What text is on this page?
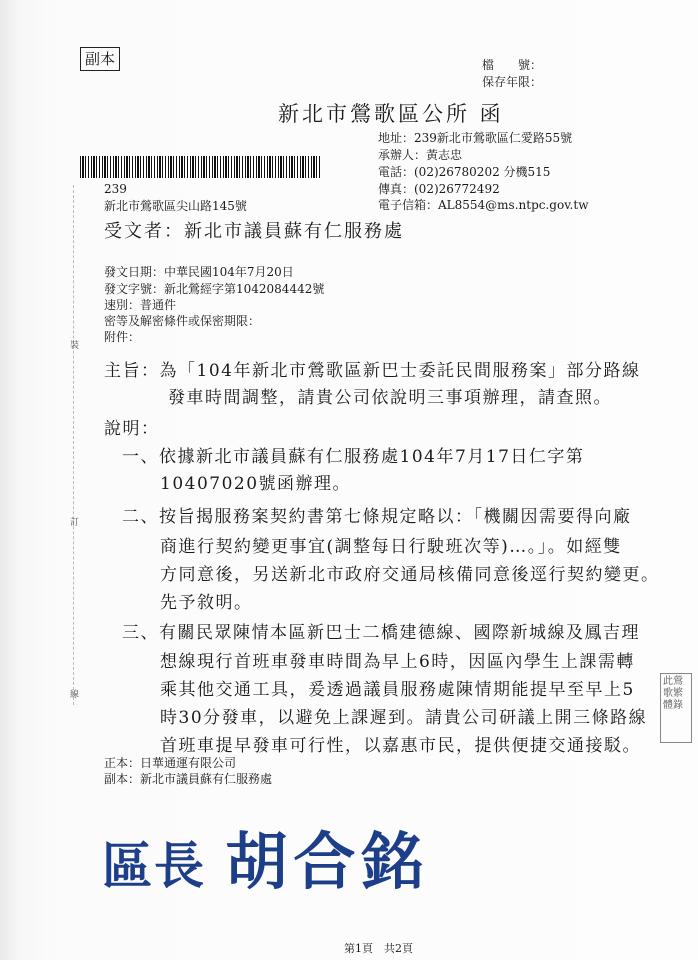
副本	檔　　號：
保存年限：
新北市鶯歌區公所 函
地址：239新北市鶯歌區仁愛路55號
承辦人：黃志忠
電話：(02)26780202 分機515
傳真：(02)26772492
電子信箱：AL8554@ms.ntpc.gov.tw
239
新北市鶯歌區尖山路145號
受文者：新北市議員蘇有仁服務處
發文日期：中華民國104年7月20日
發文字號：新北鶯經字第1042084442號
速別：普通件
密等及解密條件或保密期限：
附件：
裝
訂
線
主旨：為「104年新北市鶯歌區新巴士委託民間服務案」部分路線
發車時間調整，請貴公司依說明三事項辦理，請查照。
說明：
一、依據新北市議員蘇有仁服務處104年7月17日仁字第
10407020號函辦理。
二、按旨揭服務案契約書第七條規定略以：「機關因需要得向廠
商進行契約變更事宜(調整每日行駛班次等)…。」。如經雙
方同意後，另送新北市政府交通局核備同意後逕行契約變更。
先予敘明。
三、有關民眾陳情本區新巴士二橋建德線、國際新城線及鳳吉理
想線現行首班車發車時間為早上6時，因區內學生上課需轉
乘其他交通工具，爰透過議員服務處陳情期能提早至早上5
時30分發車，以避免上課遲到。請貴公司研議上開三條路線
首班車提早發車可行性，以嘉惠市民，提供便捷交通接駁。
此鶯歌繁體錄
正本：日華通運有限公司
副本：新北市議員蘇有仁服務處
區長 胡合銘
第1頁　共2頁
